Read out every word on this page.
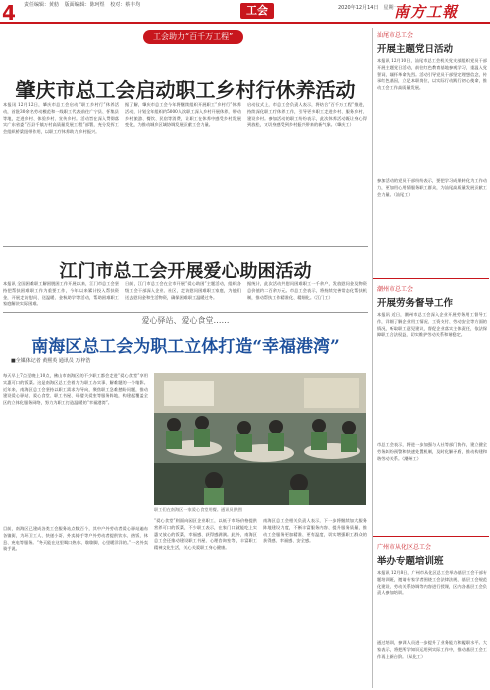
4 责任编辑：黄舫 版面编辑：陈珂煜 校对：蔡丰均	工会	2020年12月14日　星期一
南方工報
工会助力“百千万工程”
肇庆市总工会启动职工乡村行休养活动
本报讯 12月12日，肇庆市总工会启动“职工乡村行”休养活动，首批30余名劳动模范和一线职工代表前往广宁县、怀集县等地，走进乡村、体验乡村、宣传乡村。活动旨在深入贯彻落实广东省委“百县千镇万村高质量发展工程”部署，充分发挥工会组织桥梁纽带作用，以职工疗休养助力乡村振兴。
据了解，肇庆市总工会今年将继续组织开展职工“乡村行”休养活动，计划全年组织约5000人次职工深入乡村开展休养，带动乡村旅游、餐饮、民宿等消费，让职工在休养中感受乡村发展变化，为推动城乡区域协调发展贡献工会力量。
启动仪式上，市总工会负责人表示，将结合“百千万工程”推进，持续深化职工疗休养工作，引导更多职工走进乡村、服务乡村、建设乡村。参加活动的职工纷纷表示，此次休养活动既让身心得到放松，又切身感受到乡村振兴带来的新气象。（肇庆工）
江门市总工会开展爱心助困活动
本报讯 全国困难职工解困脱困工作开展以来，江门市总工会坚持把帮扶困难职工作为重要工作，今年以来累计投入帮扶资金，开展走访慰问、送温暖、金秋助学等活动，帮助困难职工家庭解决实际困难。
日前，江门市总工会在全市开展“爱心助困”主题活动，组织各级工会干部深入企业、社区，走访慰问困难职工家庭，为他们送去慰问金和生活物资，确保困难职工温暖过冬。
据统计，此次活动共慰问困难职工一千余户，发放慰问金及物资总价值约二百余万元。市总工会表示，将持续完善常态化帮扶机制，推动帮扶工作精准化、精细化。（江门工）
爱心驿站、爱心食堂……
南海区总工会为职工立体打造“幸福港湾”
■全媒体记者 黄熙英 通讯员 万梓浩
每天早上7点至晚上10点，佛山市南海区的不少职工都会走进“爱心食堂”享用实惠可口的饭菜。这是南海区总工会着力为职工办实事、解难题的一个缩影。近年来，南海区总工会坚持以职工需求为导向，聚焦职工急难愁盼问题，推动建设爱心驿站、爱心食堂、职工书屋、母婴关爱室等服务阵地，构建起覆盖全区的立体化服务网络，努力为职工打造温暖的“幸福港湾”。
目前，南海区已建成各类工会服务站点数百个，其中户外劳动者爱心驿站遍布各镇街，为环卫工人、快递小哥、外卖骑手等户外劳动者提供饮水、热饭、休息、充电等服务。“冬天能在这里喝口热水、歇歇脚，心里暖洋洋的。”一名外卖骑手说。
职工们在南海区一家爱心食堂用餐。通讯员供图
“爱心食堂”则面向园区企业职工，以低于市场价格提供营养可口的饭菜，不少职工表示，在家门口就能吃上实惠又放心的饭菜，幸福感、获得感满满。此外，南海区总工会还推动建设职工书屋、心理咨询室等，丰富职工精神文化生活，关心关爱职工身心健康。
南海区总工会相关负责人表示，下一步将继续加大服务阵地建设力度，不断丰富服务内容、提升服务质量，推动工会服务更加精准、更有温度，切实增强职工群众的获得感、幸福感、安全感。
汕尾市总工会
开展主题党日活动
本报讯 12月10日，汕尾市总工会机关党支部组织党员干部开展主题党日活动，前往红色教育基地参观学习，重温入党誓词，缅怀革命先烈。活动引导党员干部坚定理想信念，传承红色基因，立足本职岗位，以实际行动践行初心使命，推动工会工作高质量发展。
参加活动的党员干部纷纷表示，要把学习成果转化为工作动力，更加用心用情服务职工群众，为汕尾高质量发展贡献工会力量。（汕尾工）
潮州市总工会
开展劳务督导工作
本报讯 近日，潮州市总工会深入企业开展劳务用工督导工作，详细了解企业用工情况、工资支付、劳动安全等方面的情况，听取职工意见建议，督促企业落实主体责任，依法保障职工合法权益，切实维护劳动关系和谐稳定。
市总工会表示，将进一步加强与人社等部门协作，建立健全劳务纠纷预警和快速处置机制，及时化解矛盾，推动构建和谐劳动关系。（潮州工）
广州市从化区总工会
举办专题培训班
本报讯 12月8日，广州市从化区总工会举办基层工会干部专题培训班，邀请专家学者围绕工会法律法规、基层工会规范化建设、劳动关系协调等内容进行授课，区内各基层工会负责人参加培训。
通过培训，参训人员进一步提升了业务能力和履职水平。大家表示，将把所学知识运用到实际工作中，推动基层工会工作再上新台阶。（从化工）
